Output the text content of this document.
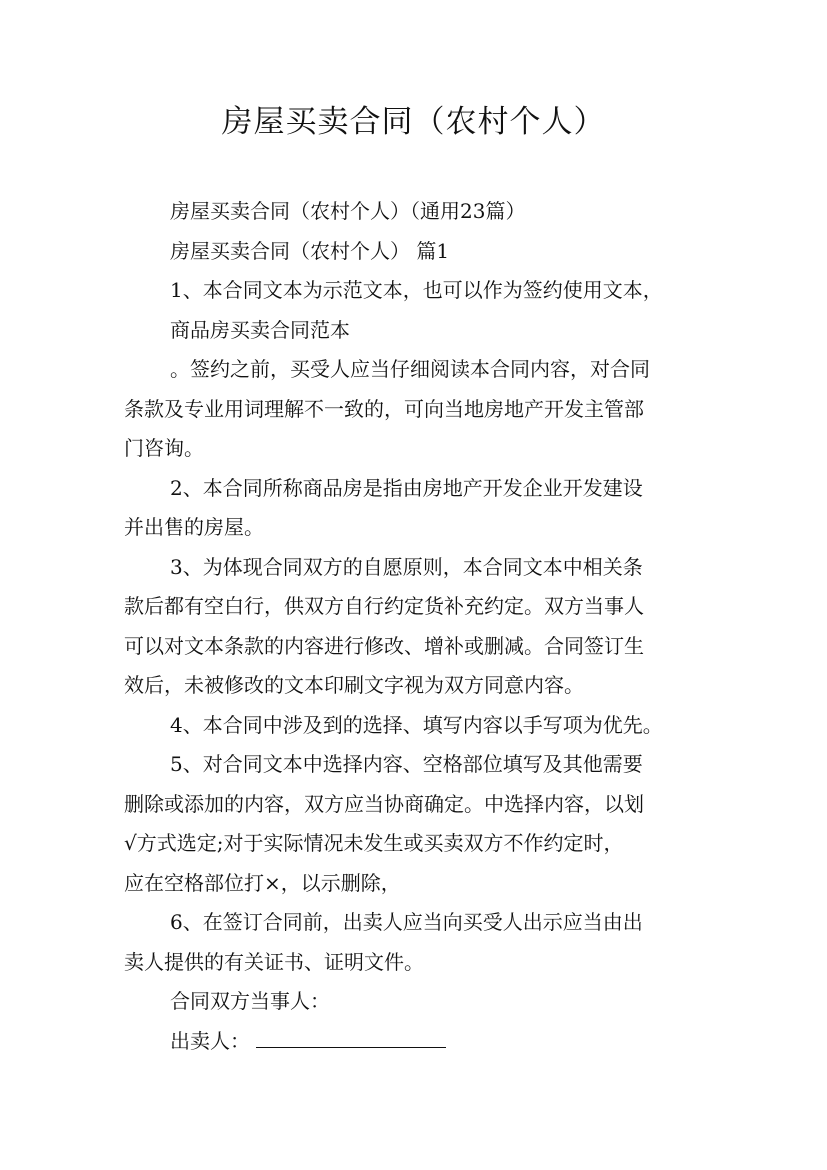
房屋买卖合同（农村个人）
房屋买卖合同（农村个人）（通用23篇）
房屋买卖合同（农村个人） 篇1
1、本合同文本为示范文本，也可以作为签约使用文本，
商品房买卖合同范本
。签约之前，买受人应当仔细阅读本合同内容，对合同
条款及专业用词理解不一致的，可向当地房地产开发主管部
门咨询。
2、本合同所称商品房是指由房地产开发企业开发建设
并出售的房屋。
3、为体现合同双方的自愿原则，本合同文本中相关条
款后都有空白行，供双方自行约定货补充约定。双方当事人
可以对文本条款的内容进行修改、增补或删减。合同签订生
效后，未被修改的文本印刷文字视为双方同意内容。
4、本合同中涉及到的选择、填写内容以手写项为优先。
5、对合同文本中选择内容、空格部位填写及其他需要
删除或添加的内容，双方应当协商确定。中选择内容，以划
√方式选定;对于实际情况未发生或买卖双方不作约定时，
应在空格部位打×，以示删除，
6、在签订合同前，出卖人应当向买受人出示应当由出
卖人提供的有关证书、证明文件。
合同双方当事人：
出卖人：
